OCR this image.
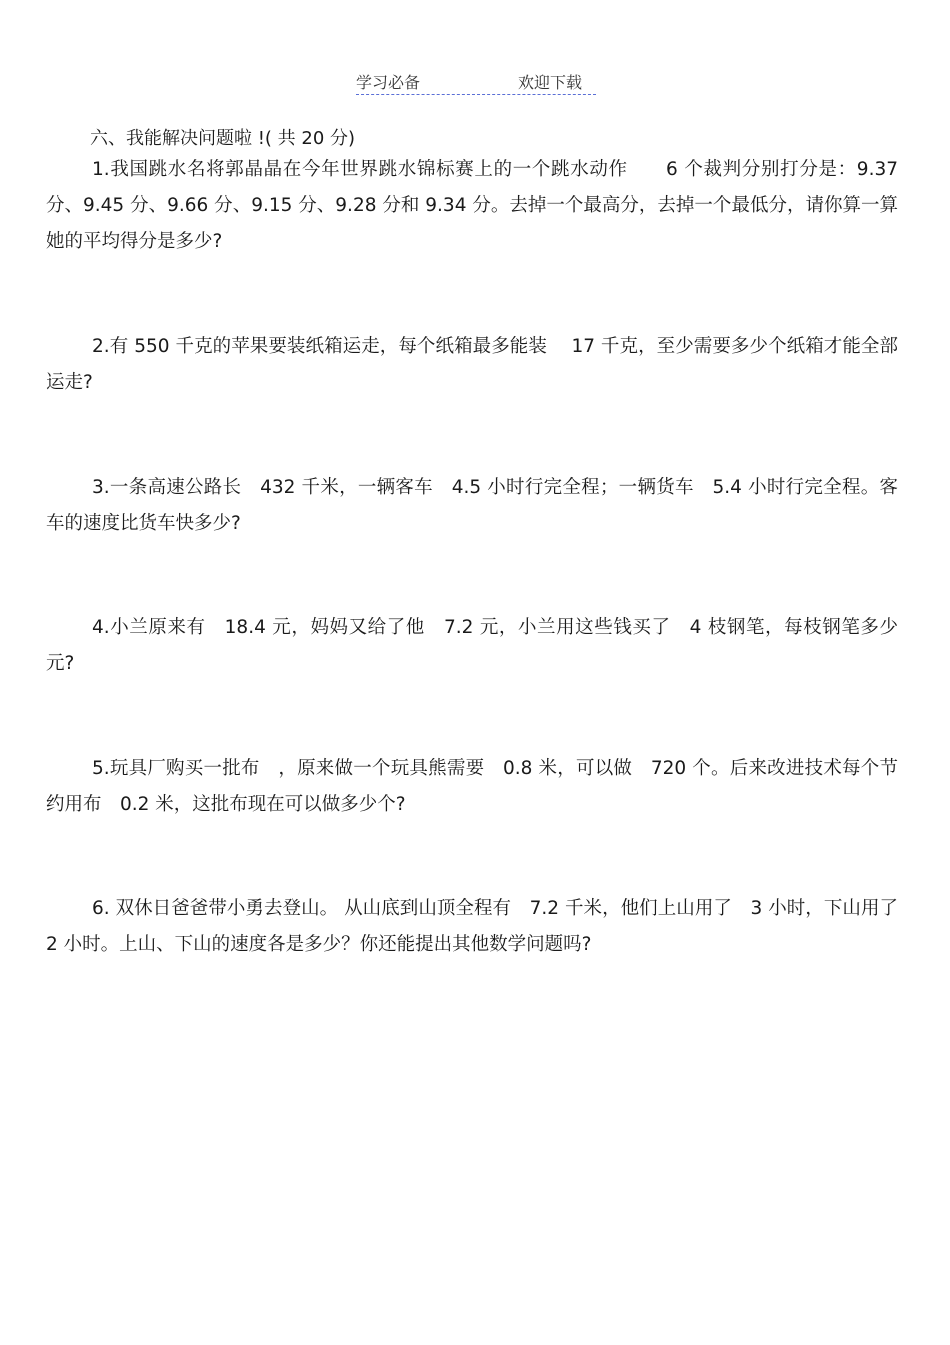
学习必备	欢迎下载
六、我能解决问题啦 !( 共 20 分)

1.我国跳水名将郭晶晶在今年世界跳水锦标赛上的一个跳水动作　　6 个裁判分别打分是：9.37 分、9.45 分、9.66 分、9.15 分、9.28 分和 9.34 分。去掉一个最高分，去掉一个最低分，请你算一算她的平均得分是多少?

2.有 550 千克的苹果要装纸箱运走，每个纸箱最多能装　 17 千克，至少需要多少个纸箱才能全部运走?

3.一条高速公路长　432 千米，一辆客车　4.5 小时行完全程；一辆货车　5.4 小时行完全程。客车的速度比货车快多少?

4.小兰原来有　18.4 元，妈妈又给了他　7.2 元，小兰用这些钱买了　4 枝钢笔，每枝钢笔多少元?

5.玩具厂购买一批布　，原来做一个玩具熊需要　0.8 米，可以做　720 个。后来改进技术每个节约用布　0.2 米，这批布现在可以做多少个?

6. 双休日爸爸带小勇去登山。 从山底到山顶全程有　7.2 千米，他们上山用了　3 小时，下山用了 2 小时。上山、下山的速度各是多少？你还能提出其他数学问题吗?
